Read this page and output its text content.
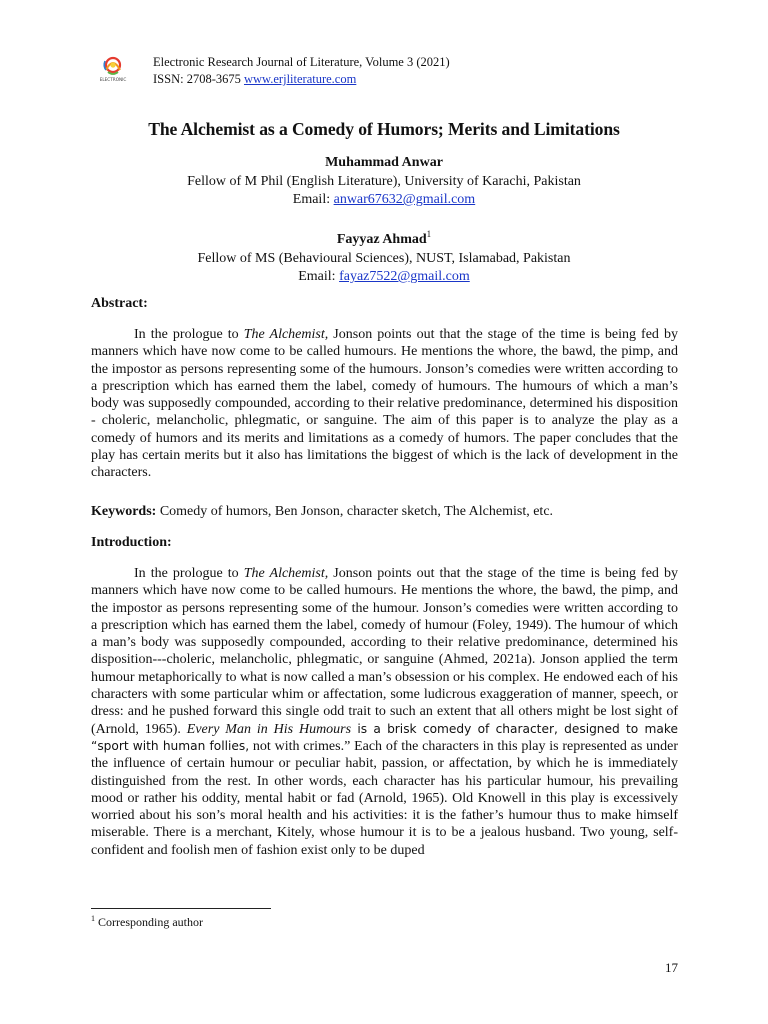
ELECTRONIC
Electronic Research Journal of Literature, Volume 3 (2021)
ISSN: 2708-3675 www.erjliterature.com
The Alchemist as a Comedy of Humors; Merits and Limitations
Muhammad Anwar
Fellow of M Phil (English Literature), University of Karachi, Pakistan
Email: anwar67632@gmail.com
Fayyaz Ahmad$^1$
Fellow of MS (Behavioural Sciences), NUST, Islamabad, Pakistan
Email: fayaz7522@gmail.com
Abstract:

In the prologue to The Alchemist, Jonson points out that the stage of the time is being fed by manners which have now come to be called humours. He mentions the whore, the bawd, the pimp, and the impostor as persons representing some of the humours. Jonson’s comedies were written according to a prescription which has earned them the label, comedy of humours. The humours of which a man’s body was supposedly compounded, according to their relative predominance, determined his disposition - choleric, melancholic, phlegmatic, or sanguine. The aim of this paper is to analyze the play as a comedy of humors and its merits and limitations as a comedy of humors. The paper concludes that the play has certain merits but it also has limitations the biggest of which is the lack of development in the characters.

Keywords: Comedy of humors, Ben Jonson, character sketch, The Alchemist, etc.

Introduction:

In the prologue to The Alchemist, Jonson points out that the stage of the time is being fed by manners which have now come to be called humours. He mentions the whore, the bawd, the pimp, and the impostor as persons representing some of the humour. Jonson’s comedies were written according to a prescription which has earned them the label, comedy of humour (Foley, 1949). The humour of which a man’s body was supposedly compounded, according to their relative predominance, determined his disposition---choleric, melancholic, phlegmatic, or sanguine (Ahmed, 2021a). Jonson applied the term humour metaphorically to what is now called a man’s obsession or his complex. He endowed each of his characters with some particular whim or affectation, some ludicrous exaggeration of manner, speech, or dress: and he pushed forward this single odd trait to such an extent that all others might be lost sight of (Arnold, 1965). Every Man in His Humours is a brisk comedy of character, designed to make “sport with human follies, not with crimes.” Each of the characters in this play is represented as under the influence of certain humour or peculiar habit, passion, or affectation, by which he is immediately distinguished from the rest. In other words, each character has his particular humour, his prevailing mood or rather his oddity, mental habit or fad (Arnold, 1965). Old Knowell in this play is excessively worried about his son’s moral health and his activities: it is the father’s humour thus to make himself miserable. There is a merchant, Kitely, whose humour it is to be a jealous husband. Two young, self-confident and foolish men of fashion exist only to be duped

$^1$ Corresponding author
17
